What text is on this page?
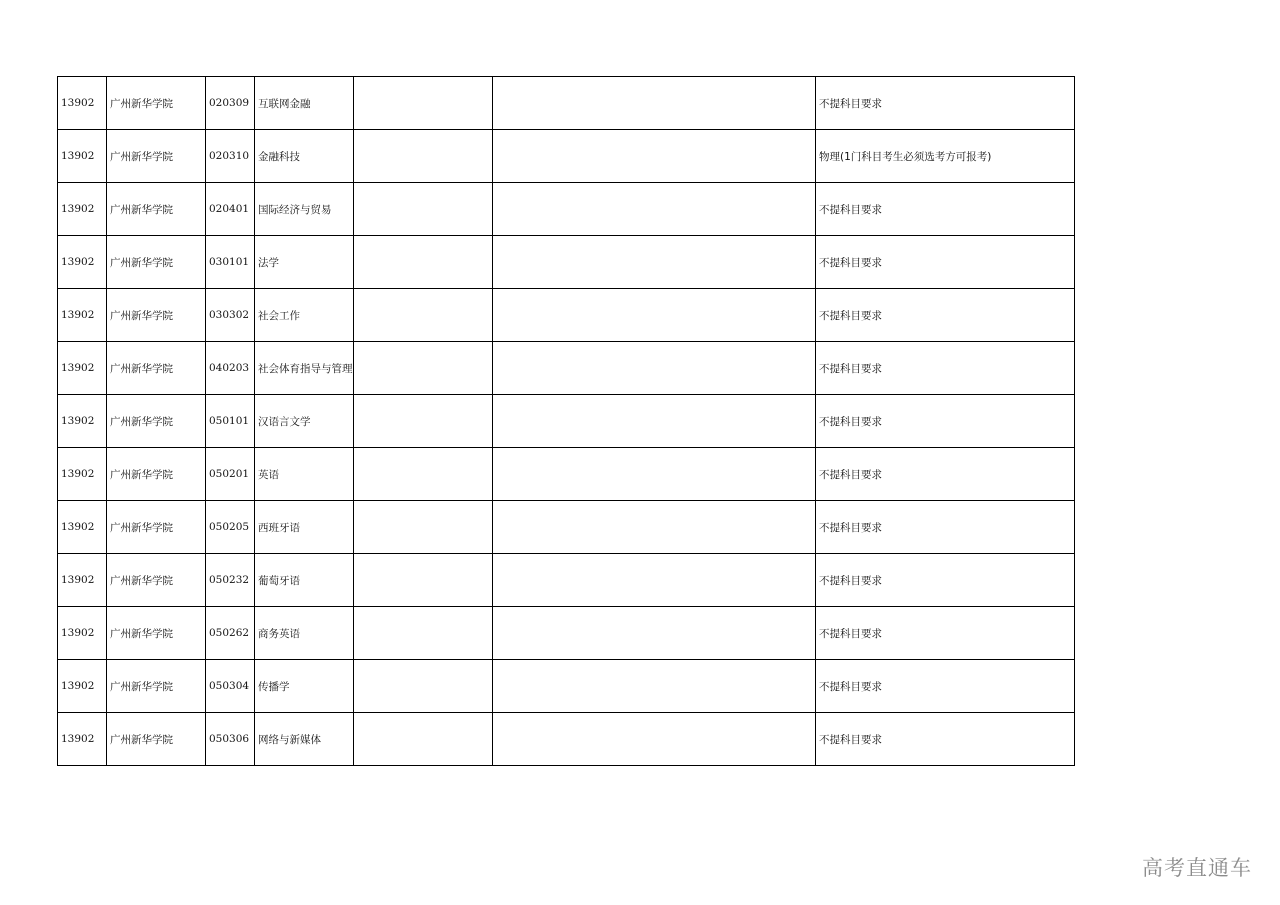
13902	广州新华学院	020309	互联网金融			不提科目要求
13902	广州新华学院	020310	金融科技			物理(1门科目考生必须选考方可报考)
13902	广州新华学院	020401	国际经济与贸易			不提科目要求
13902	广州新华学院	030101	法学			不提科目要求
13902	广州新华学院	030302	社会工作			不提科目要求
13902	广州新华学院	040203	社会体育指导与管理			不提科目要求
13902	广州新华学院	050101	汉语言文学			不提科目要求
13902	广州新华学院	050201	英语			不提科目要求
13902	广州新华学院	050205	西班牙语			不提科目要求
13902	广州新华学院	050232	葡萄牙语			不提科目要求
13902	广州新华学院	050262	商务英语			不提科目要求
13902	广州新华学院	050304	传播学			不提科目要求
13902	广州新华学院	050306	网络与新媒体			不提科目要求
高考直通车
